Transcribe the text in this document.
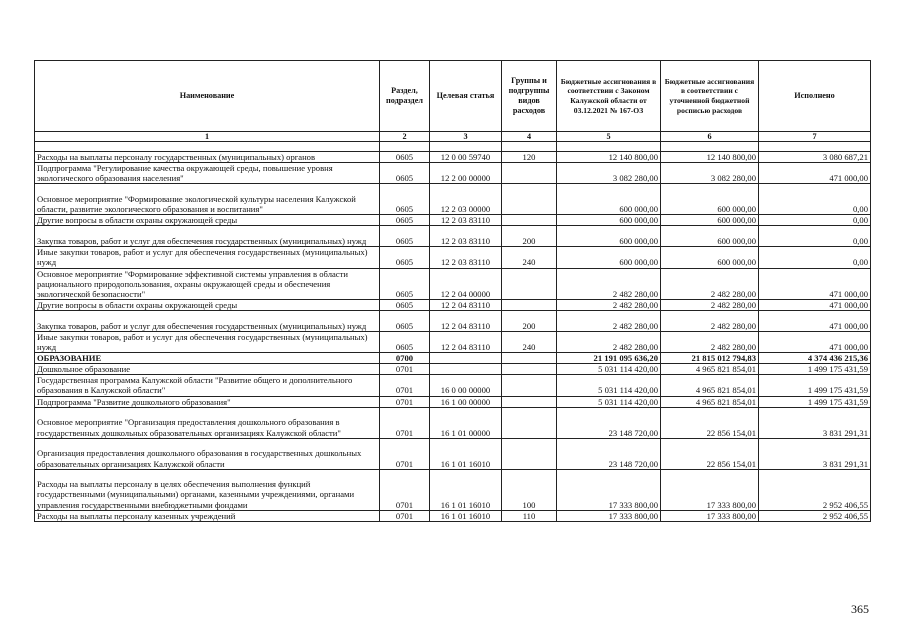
Наименование	Раздел, подраздел	Целевая статья	Группы и подгруппы видов расходов	Бюджетные ассигнования в соответствии с Законом Калужской области от 03.12.2021 № 167-ОЗ	Бюджетные ассигнования в соответствии с уточненной бюджетной росписью расходов	Исполнено
1	2	3	4	5	6	7

Расходы на выплаты персоналу государственных (муниципальных) органов	0605	12 0 00 59740	120	12 140 800,00	12 140 800,00	3 080 687,21
Подпрограмма "Регулирование качества окружающей среды, повышение уровня экологического образования населения"	0605	12 2 00 00000		3 082 280,00	3 082 280,00	471 000,00
Основное мероприятие "Формирование экологической культуры населения Калужской области, развитие экологического образования и воспитания"	0605	12 2 03 00000		600 000,00	600 000,00	0,00
Другие вопросы в области охраны окружающей среды	0605	12 2 03 83110		600 000,00	600 000,00	0,00
Закупка товаров, работ и услуг для обеспечения государственных (муниципальных) нужд	0605	12 2 03 83110	200	600 000,00	600 000,00	0,00
Иные закупки товаров, работ и услуг для обеспечения государственных (муниципальных) нужд	0605	12 2 03 83110	240	600 000,00	600 000,00	0,00
Основное мероприятие "Формирование эффективной системы управления в области рационального природопользования, охраны окружающей среды и обеспечения экологической безопасности"	0605	12 2 04 00000		2 482 280,00	2 482 280,00	471 000,00
Другие вопросы в области охраны окружающей среды	0605	12 2 04 83110		2 482 280,00	2 482 280,00	471 000,00
Закупка товаров, работ и услуг для обеспечения государственных (муниципальных) нужд	0605	12 2 04 83110	200	2 482 280,00	2 482 280,00	471 000,00
Иные закупки товаров, работ и услуг для обеспечения государственных (муниципальных) нужд	0605	12 2 04 83110	240	2 482 280,00	2 482 280,00	471 000,00
ОБРАЗОВАНИЕ	0700			21 191 095 636,20	21 815 012 794,83	4 374 436 215,36
Дошкольное образование	0701			5 031 114 420,00	4 965 821 854,01	1 499 175 431,59
Государственная программа Калужской области "Развитие общего и дополнительного образования в Калужской области"	0701	16 0 00 00000		5 031 114 420,00	4 965 821 854,01	1 499 175 431,59
Подпрограмма "Развитие дошкольного образования"	0701	16 1 00 00000		5 031 114 420,00	4 965 821 854,01	1 499 175 431,59
Основное мероприятие "Организация предоставления дошкольного образования в государственных дошкольных образовательных организациях Калужской области"	0701	16 1 01 00000		23 148 720,00	22 856 154,01	3 831 291,31
Организация предоставления дошкольного образования в государственных дошкольных образовательных организациях Калужской области	0701	16 1 01 16010		23 148 720,00	22 856 154,01	3 831 291,31
Расходы на выплаты персоналу в целях обеспечения выполнения функций государственными (муниципальными) органами, казенными учреждениями, органами управления государственными внебюджетными фондами	0701	16 1 01 16010	100	17 333 800,00	17 333 800,00	2 952 406,55
Расходы на выплаты персоналу казенных учреждений	0701	16 1 01 16010	110	17 333 800,00	17 333 800,00	2 952 406,55
365
